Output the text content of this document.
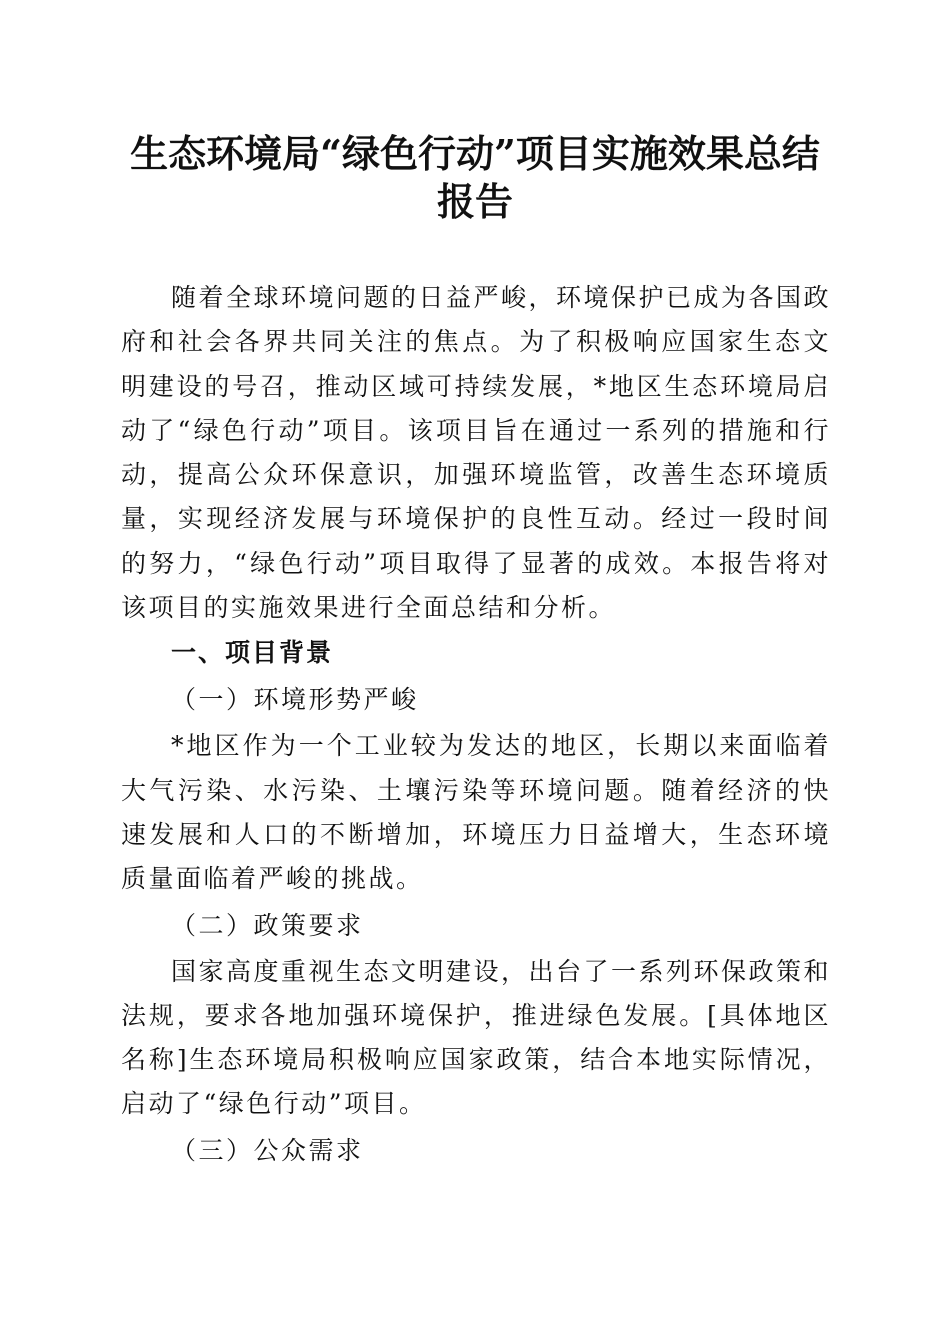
生态环境局“绿色行动”项目实施效果总结报告

随着全球环境问题的日益严峻，环境保护已成为各国政府和社会各界共同关注的焦点。为了积极响应国家生态文明建设的号召，推动区域可持续发展，*地区生态环境局启动了“绿色行动”项目。该项目旨在通过一系列的措施和行动，提高公众环保意识，加强环境监管，改善生态环境质量，实现经济发展与环境保护的良性互动。经过一段时间的努力，“绿色行动”项目取得了显著的成效。本报告将对该项目的实施效果进行全面总结和分析。

一、项目背景
（一）环境形势严峻

*地区作为一个工业较为发达的地区，长期以来面临着大气污染、水污染、土壤污染等环境问题。随着经济的快速发展和人口的不断增加，环境压力日益增大，生态环境质量面临着严峻的挑战。

（二）政策要求

国家高度重视生态文明建设，出台了一系列环保政策和法规，要求各地加强环境保护，推进绿色发展。[具体地区名称]生态环境局积极响应国家政策，结合本地实际情况，启动了“绿色行动”项目。

（三）公众需求
